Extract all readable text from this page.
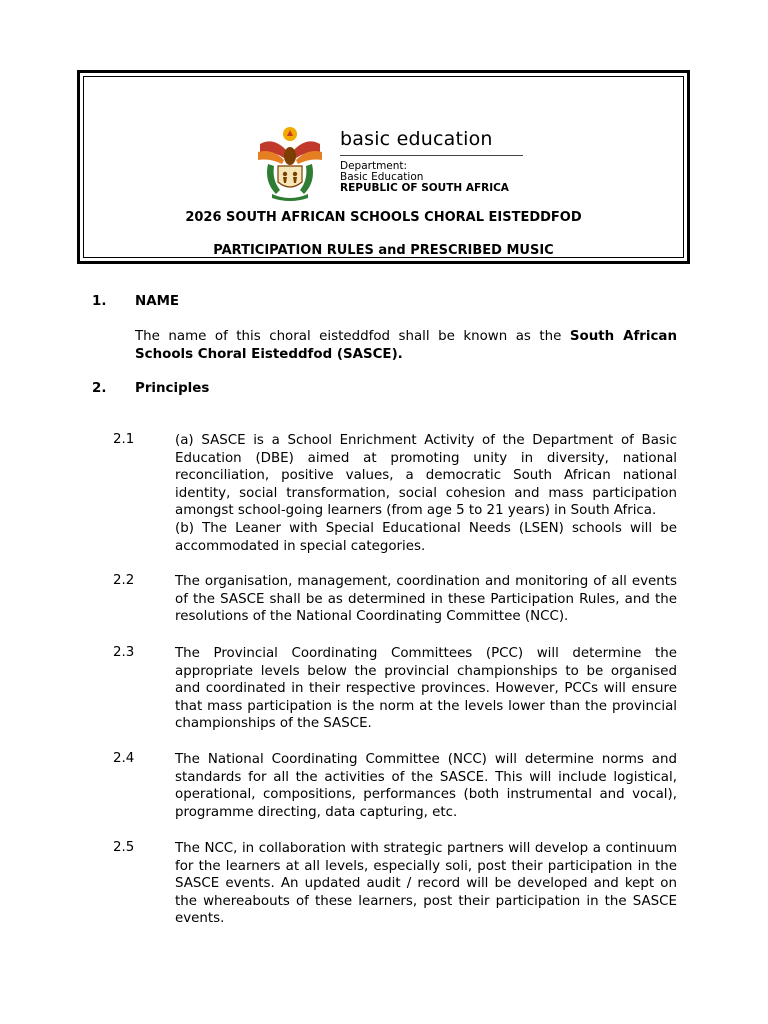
basic education
Department:
Basic Education
REPUBLIC OF SOUTH AFRICA
2026 SOUTH AFRICAN SCHOOLS CHORAL EISTEDDFOD
PARTICIPATION RULES and PRESCRIBED MUSIC
1. NAME
The name of this choral eisteddfod shall be known as the South African Schools Choral Eisteddfod (SASCE).
2. Principles
2.1	(a) SASCE is a School Enrichment Activity of the Department of Basic Education (DBE) aimed at promoting unity in diversity, national reconciliation, positive values, a democratic South African national identity, social transformation, social cohesion and mass participation amongst school-going learners (from age 5 to 21 years) in South Africa.
(b) The Leaner with Special Educational Needs (LSEN) schools will be accommodated in special categories.
2.2	The organisation, management, coordination and monitoring of all events of the SASCE shall be as determined in these Participation Rules, and the resolutions of the National Coordinating Committee (NCC).
2.3	The Provincial Coordinating Committees (PCC) will determine the appropriate levels below the provincial championships to be organised and coordinated in their respective provinces. However, PCCs will ensure that mass participation is the norm at the levels lower than the provincial championships of the SASCE.
2.4	The National Coordinating Committee (NCC) will determine norms and standards for all the activities of the SASCE. This will include logistical, operational, compositions, performances (both instrumental and vocal), programme directing, data capturing, etc.
2.5	The NCC, in collaboration with strategic partners will develop a continuum for the learners at all levels, especially soli, post their participation in the SASCE events. An updated audit / record will be developed and kept on the whereabouts of these learners, post their participation in the SASCE events.
